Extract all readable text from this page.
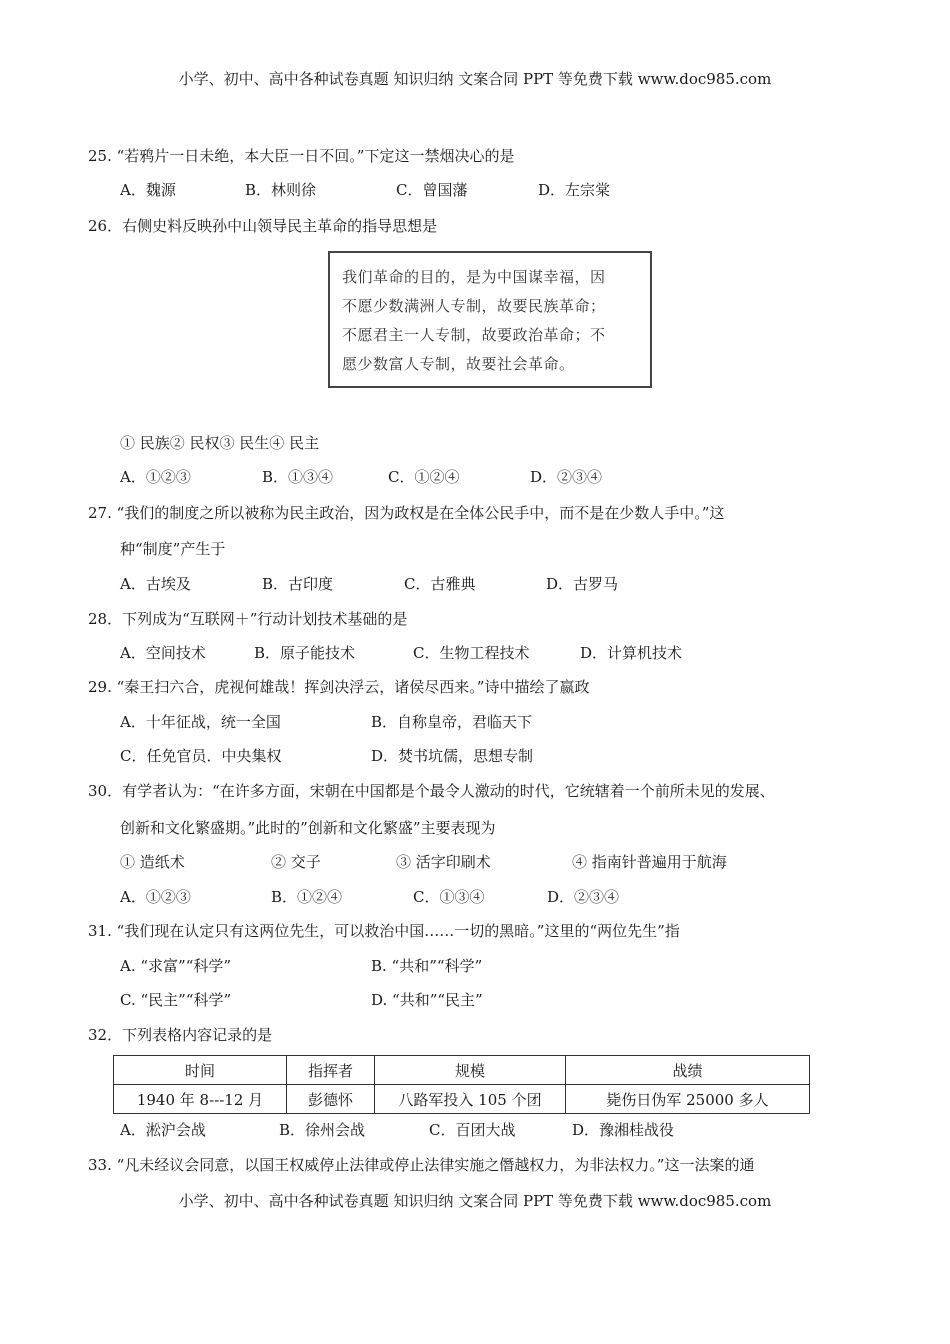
小学、初中、高中各种试卷真题 知识归纳 文案合同 PPT 等免费下载 www.doc985.com
25. “若鸦片一日未绝，本大臣一日不回。”下定这一禁烟决心的是
A．魏源	B．林则徐	C．曾国藩	D．左宗棠
26．右侧史料反映孙中山领导民主革命的指导思想是
我们革命的目的，是为中国谋幸福，因
不愿少数满洲人专制，故要民族革命；
不愿君主一人专制，故要政治革命；不
愿少数富人专制，故要社会革命。
① 民族② 民权③ 民生④ 民主
A．①②③	B．①③④	C．①②④	D．②③④
27. “我们的制度之所以被称为民主政治，因为政权是在全体公民手中，而不是在少数人手中。”这
种“制度”产生于
A．古埃及	B．古印度	C．古雅典	D．古罗马
28．下列成为“互联网＋”行动计划技术基础的是
A．空间技术	B．原子能技术	C．生物工程技术	D．计算机技术
29. “秦王扫六合，虎视何雄哉！挥剑决浮云，诸侯尽西来。”诗中描绘了嬴政
A．十年征战，统一全国	B．自称皇帝，君临天下
C．任免官员．中央集权	D．焚书坑儒，思想专制
30．有学者认为：“在许多方面，宋朝在中国都是个最令人激动的时代，它统辖着一个前所未见的发展、
创新和文化繁盛期。”此时的”创新和文化繁盛”主要表现为
① 造纸术	② 交子	③ 活字印刷术	④ 指南针普遍用于航海
A．①②③	B．①②④	C．①③④	D．②③④
31. “我们现在认定只有这两位先生，可以救治中国……一切的黑暗。”这里的“两位先生”指
A. “求富”“科学”	B. “共和”“科学”
C. “民主”“科学”	D. “共和”“民主”
32．下列表格内容记录的是
时间	指挥者	规模	战绩
1940 年 8---12 月	彭德怀	八路军投入 105 个团	毙伤日伪军 25000 多人
A．淞沪会战	B．徐州会战	C．百团大战	D．豫湘桂战役
33. “凡未经议会同意，以国王权威停止法律或停止法律实施之僭越权力，为非法权力。”这一法案的通
小学、初中、高中各种试卷真题 知识归纳 文案合同 PPT 等免费下载 www.doc985.com
